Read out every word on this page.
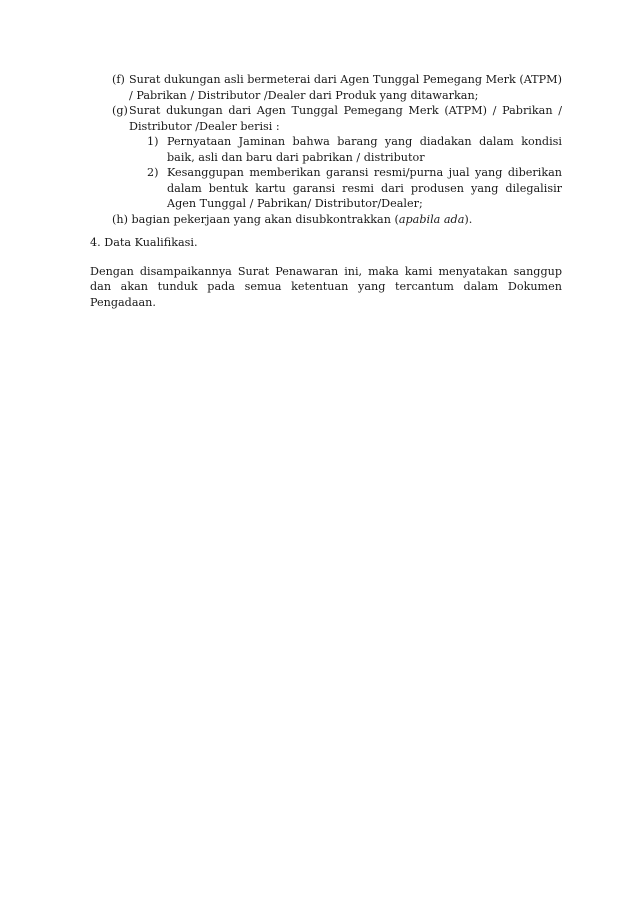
(f) Surat dukungan asli bermeterai dari Agen Tunggal Pemegang Merk (ATPM) / Pabrikan / Distributor /Dealer dari Produk yang ditawarkan;
(g) Surat dukungan dari Agen Tunggal Pemegang Merk (ATPM) / Pabrikan / Distributor /Dealer berisi :
1) Pernyataan Jaminan bahwa barang yang diadakan dalam kondisi baik, asli dan baru dari pabrikan / distributor
2) Kesanggupan memberikan garansi resmi/purna jual yang diberikan dalam bentuk kartu garansi resmi dari produsen yang dilegalisir Agen Tunggal / Pabrikan/ Distributor/Dealer;
(h) bagian pekerjaan yang akan disubkontrakkan (apabila ada).
4. Data Kualifikasi.
Dengan disampaikannya Surat Penawaran ini, maka kami menyatakan sanggup dan akan tunduk pada semua ketentuan yang tercantum dalam Dokumen Pengadaan.
